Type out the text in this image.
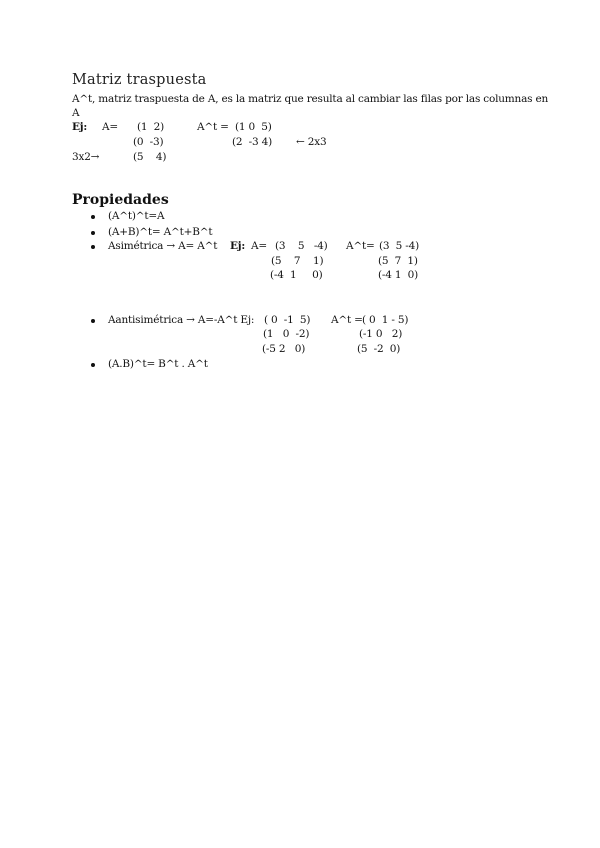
Matriz traspuesta
A^t, matriz traspuesta de A, es la matriz que resulta al cambiar las filas por las columnas en
A
Ej: A= (1  2)
(0  -3)
3x2→	(5    4)
A^t = (1 0  5)
(2  -3 4) ← 2x3
Propiedades
(A^t)^t=A
(A+B)^t= A^t+B^t
Asimétrica → A= A^t Ej: A= (3    5   -4)
(5    7    1)
(-4  1     0)
A^t= (3  5 -4)
(5  7  1)
(-4 1  0)
Aantisimétrica → A=-A^t Ej: ( 0  -1  5)
(1   0  -2)
(-5 2   0)
A^t = ( 0  1 - 5)
(-1 0   2)
(5  -2  0)
(A.B)^t= B^t . A^t
